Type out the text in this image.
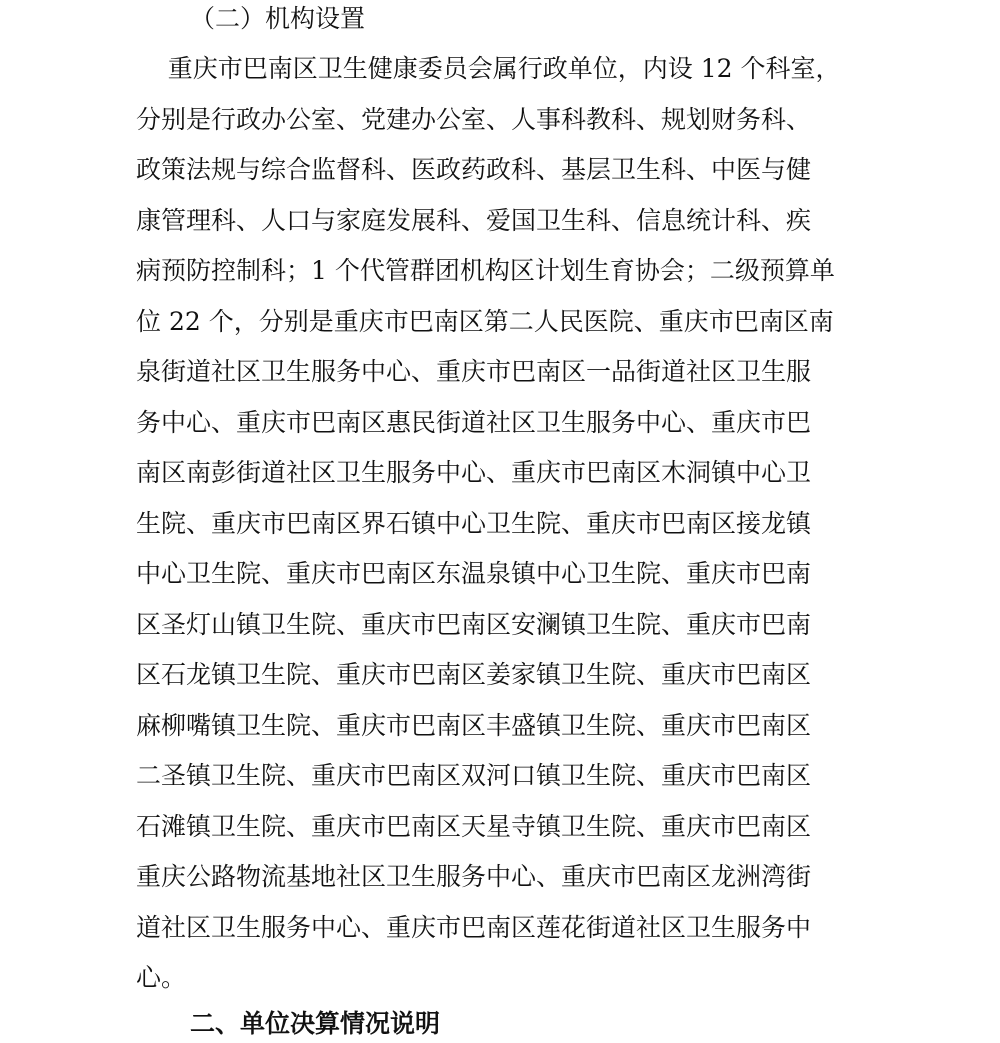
（二）机构设置
重庆市巴南区卫生健康委员会属行政单位，内设 12 个科室，
分别是行政办公室、党建办公室、人事科教科、规划财务科、
政策法规与综合监督科、医政药政科、基层卫生科、中医与健
康管理科、人口与家庭发展科、爱国卫生科、信息统计科、疾
病预防控制科；1 个代管群团机构区计划生育协会；二级预算单
位 22 个，分别是重庆市巴南区第二人民医院、重庆市巴南区南
泉街道社区卫生服务中心、重庆市巴南区一品街道社区卫生服
务中心、重庆市巴南区惠民街道社区卫生服务中心、重庆市巴
南区南彭街道社区卫生服务中心、重庆市巴南区木洞镇中心卫
生院、重庆市巴南区界石镇中心卫生院、重庆市巴南区接龙镇
中心卫生院、重庆市巴南区东温泉镇中心卫生院、重庆市巴南
区圣灯山镇卫生院、重庆市巴南区安澜镇卫生院、重庆市巴南
区石龙镇卫生院、重庆市巴南区姜家镇卫生院、重庆市巴南区
麻柳嘴镇卫生院、重庆市巴南区丰盛镇卫生院、重庆市巴南区
二圣镇卫生院、重庆市巴南区双河口镇卫生院、重庆市巴南区
石滩镇卫生院、重庆市巴南区天星寺镇卫生院、重庆市巴南区
重庆公路物流基地社区卫生服务中心、重庆市巴南区龙洲湾街
道社区卫生服务中心、重庆市巴南区莲花街道社区卫生服务中
心。
二、单位决算情况说明
